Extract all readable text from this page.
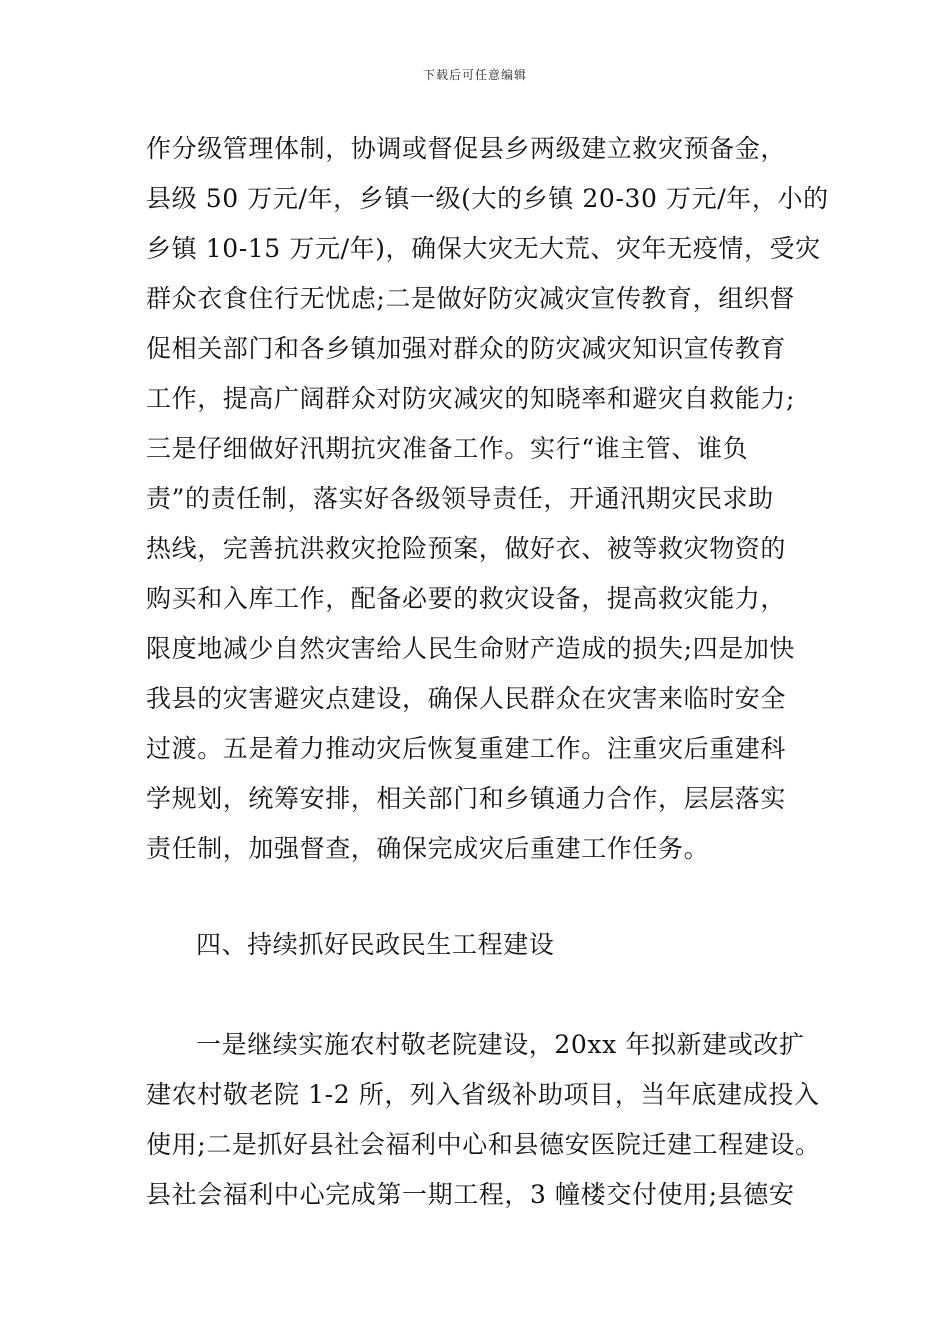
下载后可任意编辑
作分级管理体制，协调或督促县乡两级建立救灾预备金，
县级 50 万元/年，乡镇一级(大的乡镇 20-30 万元/年，小的
乡镇 10-15 万元/年)，确保大灾无大荒、灾年无疫情，受灾
群众衣食住行无忧虑;二是做好防灾减灾宣传教育，组织督
促相关部门和各乡镇加强对群众的防灾减灾知识宣传教育
工作，提高广阔群众对防灾减灾的知晓率和避灾自救能力;
三是仔细做好汛期抗灾准备工作。实行“谁主管、谁负
责”的责任制，落实好各级领导责任，开通汛期灾民求助
热线，完善抗洪救灾抢险预案，做好衣、被等救灾物资的
购买和入库工作，配备必要的救灾设备，提高救灾能力，
限度地减少自然灾害给人民生命财产造成的损失;四是加快
我县的灾害避灾点建设，确保人民群众在灾害来临时安全
过渡。五是着力推动灾后恢复重建工作。注重灾后重建科
学规划，统筹安排，相关部门和乡镇通力合作，层层落实
责任制，加强督查，确保完成灾后重建工作任务。
四、持续抓好民政民生工程建设
一是继续实施农村敬老院建设，20xx 年拟新建或改扩
建农村敬老院 1-2 所，列入省级补助项目，当年底建成投入
使用;二是抓好县社会福利中心和县德安医院迁建工程建设。
县社会福利中心完成第一期工程，3 幢楼交付使用;县德安
